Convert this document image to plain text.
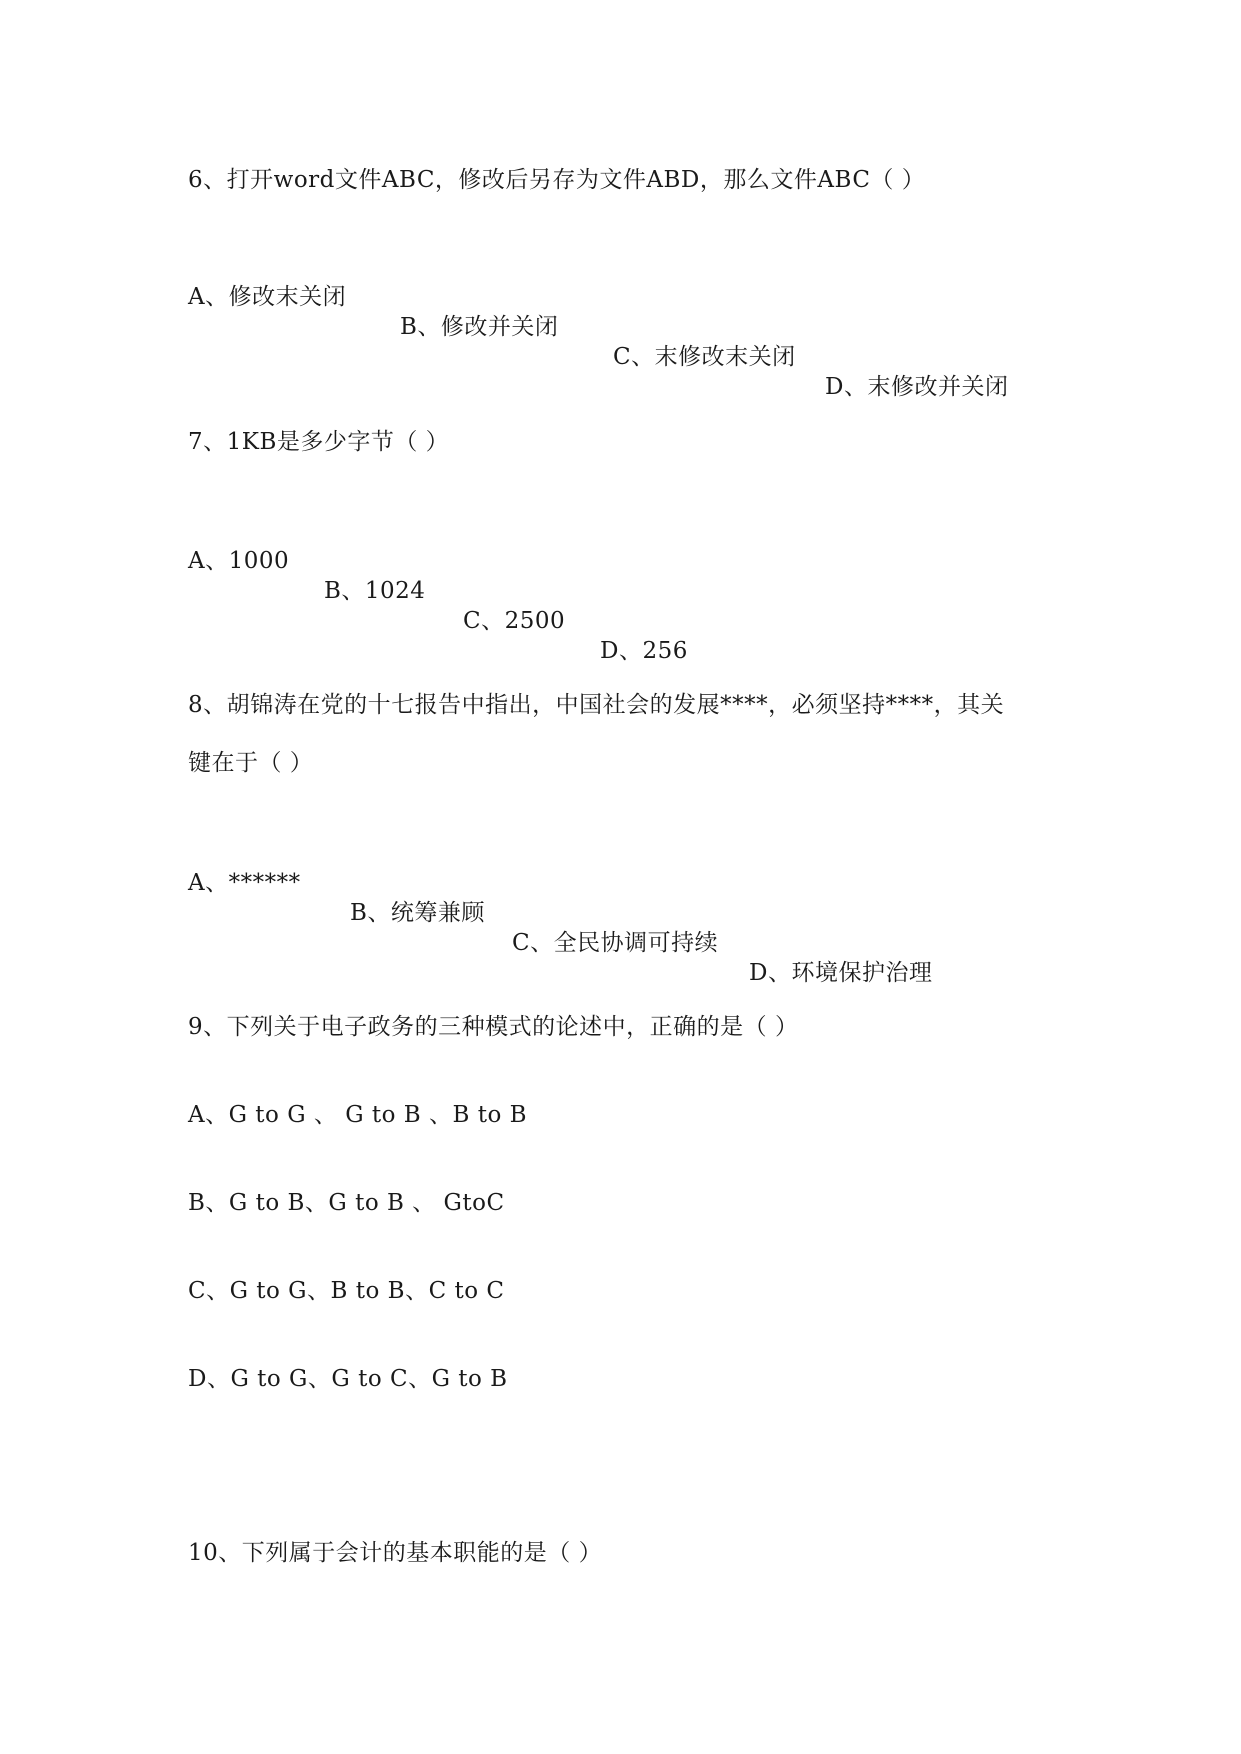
6、打开word文件ABC，修改后另存为文件ABD，那么文件ABC（ ）

A、修改末关闭

B、修改并关闭

C、末修改末关闭

D、末修改并关闭

7、1KB是多少字节（ ）

A、1000

B、1024

C、2500

D、256

8、胡锦涛在党的十七报告中指出，中国社会的发展****，必须坚持****，其关
键在于（ ）

A、******

B、统筹兼顾

C、全民协调可持续

D、环境保护治理

9、下列关于电子政务的三种模式的论述中，正确的是（ ）
A、G to G 、 G to B 、B to B
B、G to B、G to B 、 GtoC
C、G to G、B to B、C to C
D、G to G、G to C、G to B
10、下列属于会计的基本职能的是（ ）
